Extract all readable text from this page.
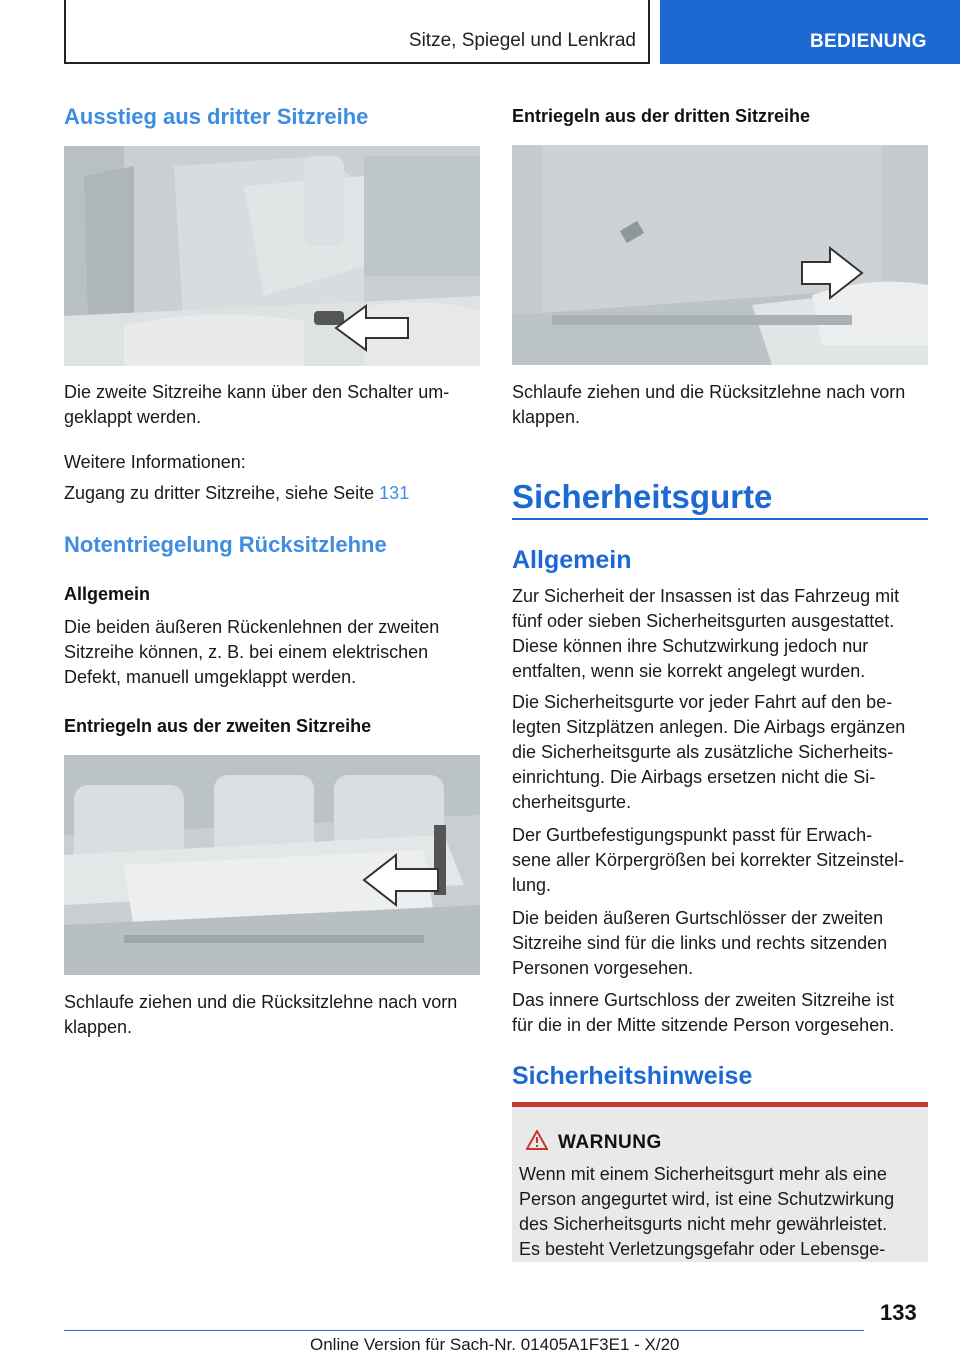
Sitze, Spiegel und Lenkrad	BEDIENUNG
Ausstieg aus dritter Sitzreihe
Die zweite Sitzreihe kann über den Schalter um-
geklappt werden.
Weitere Informationen:
Zugang zu dritter Sitzreihe, siehe Seite 131
Notentriegelung Rücksitzlehne
Allgemein
Die beiden äußeren Rückenlehnen der zweiten
Sitzreihe können, z. B. bei einem elektrischen
Defekt, manuell umgeklappt werden.
Entriegeln aus der zweiten Sitzreihe
Schlaufe ziehen und die Rücksitzlehne nach vorn
klappen.
Entriegeln aus der dritten Sitzreihe
Schlaufe ziehen und die Rücksitzlehne nach vorn
klappen.
Sicherheitsgurte
Allgemein
Zur Sicherheit der Insassen ist das Fahrzeug mit
fünf oder sieben Sicherheitsgurten ausgestattet.
Diese können ihre Schutzwirkung jedoch nur
entfalten, wenn sie korrekt angelegt wurden.
Die Sicherheitsgurte vor jeder Fahrt auf den be-
legten Sitzplätzen anlegen. Die Airbags ergänzen
die Sicherheitsgurte als zusätzliche Sicherheits-
einrichtung. Die Airbags ersetzen nicht die Si-
cherheitsgurte.
Der Gurtbefestigungspunkt passt für Erwach-
sene aller Körpergrößen bei korrekter Sitzeinstel-
lung.
Die beiden äußeren Gurtschlösser der zweiten
Sitzreihe sind für die links und rechts sitzenden
Personen vorgesehen.
Das innere Gurtschloss der zweiten Sitzreihe ist
für die in der Mitte sitzende Person vorgesehen.
Sicherheitshinweise
WARNUNG
Wenn mit einem Sicherheitsgurt mehr als eine
Person angegurtet wird, ist eine Schutzwirkung
des Sicherheitsgurts nicht mehr gewährleistet.
Es besteht Verletzungsgefahr oder Lebensge-
133
Online Version für Sach-Nr. 01405A1F3E1 - X/20
